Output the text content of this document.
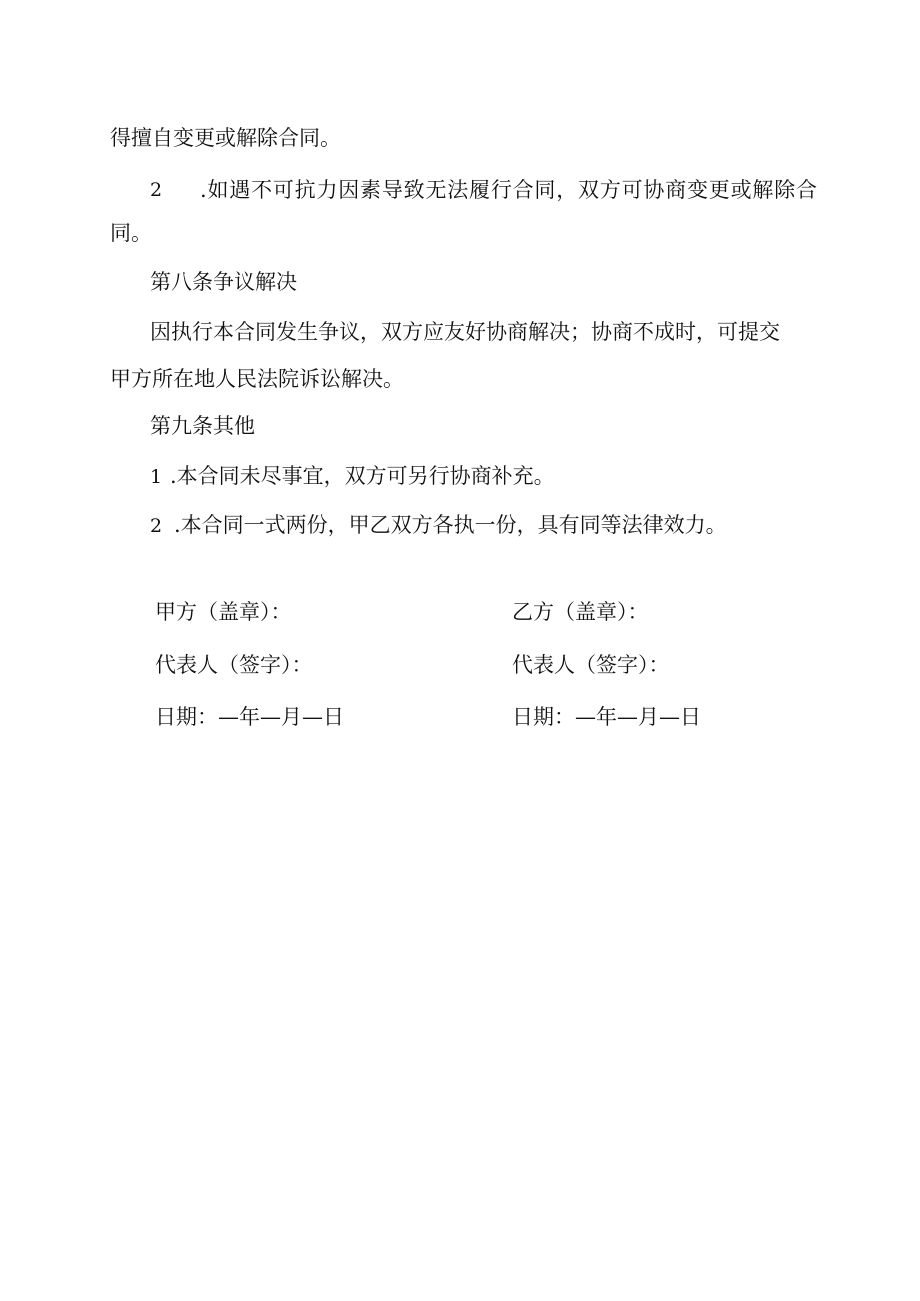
得擅自变更或解除合同。
2	.如遇不可抗力因素导致无法履行合同，双方可协商变更或解除合
同。
第八条争议解决
因执行本合同发生争议，双方应友好协商解决；协商不成时，可提交
甲方所在地人民法院诉讼解决。
第九条其他
1 .本合同未尽事宜，双方可另行协商补充。
2 .本合同一式两份，甲乙双方各执一份，具有同等法律效力。
甲方（盖章）：
代表人（签字）：
日期：—年—月—日
乙方（盖章）：
代表人（签字）：
日期：—年—月—日
